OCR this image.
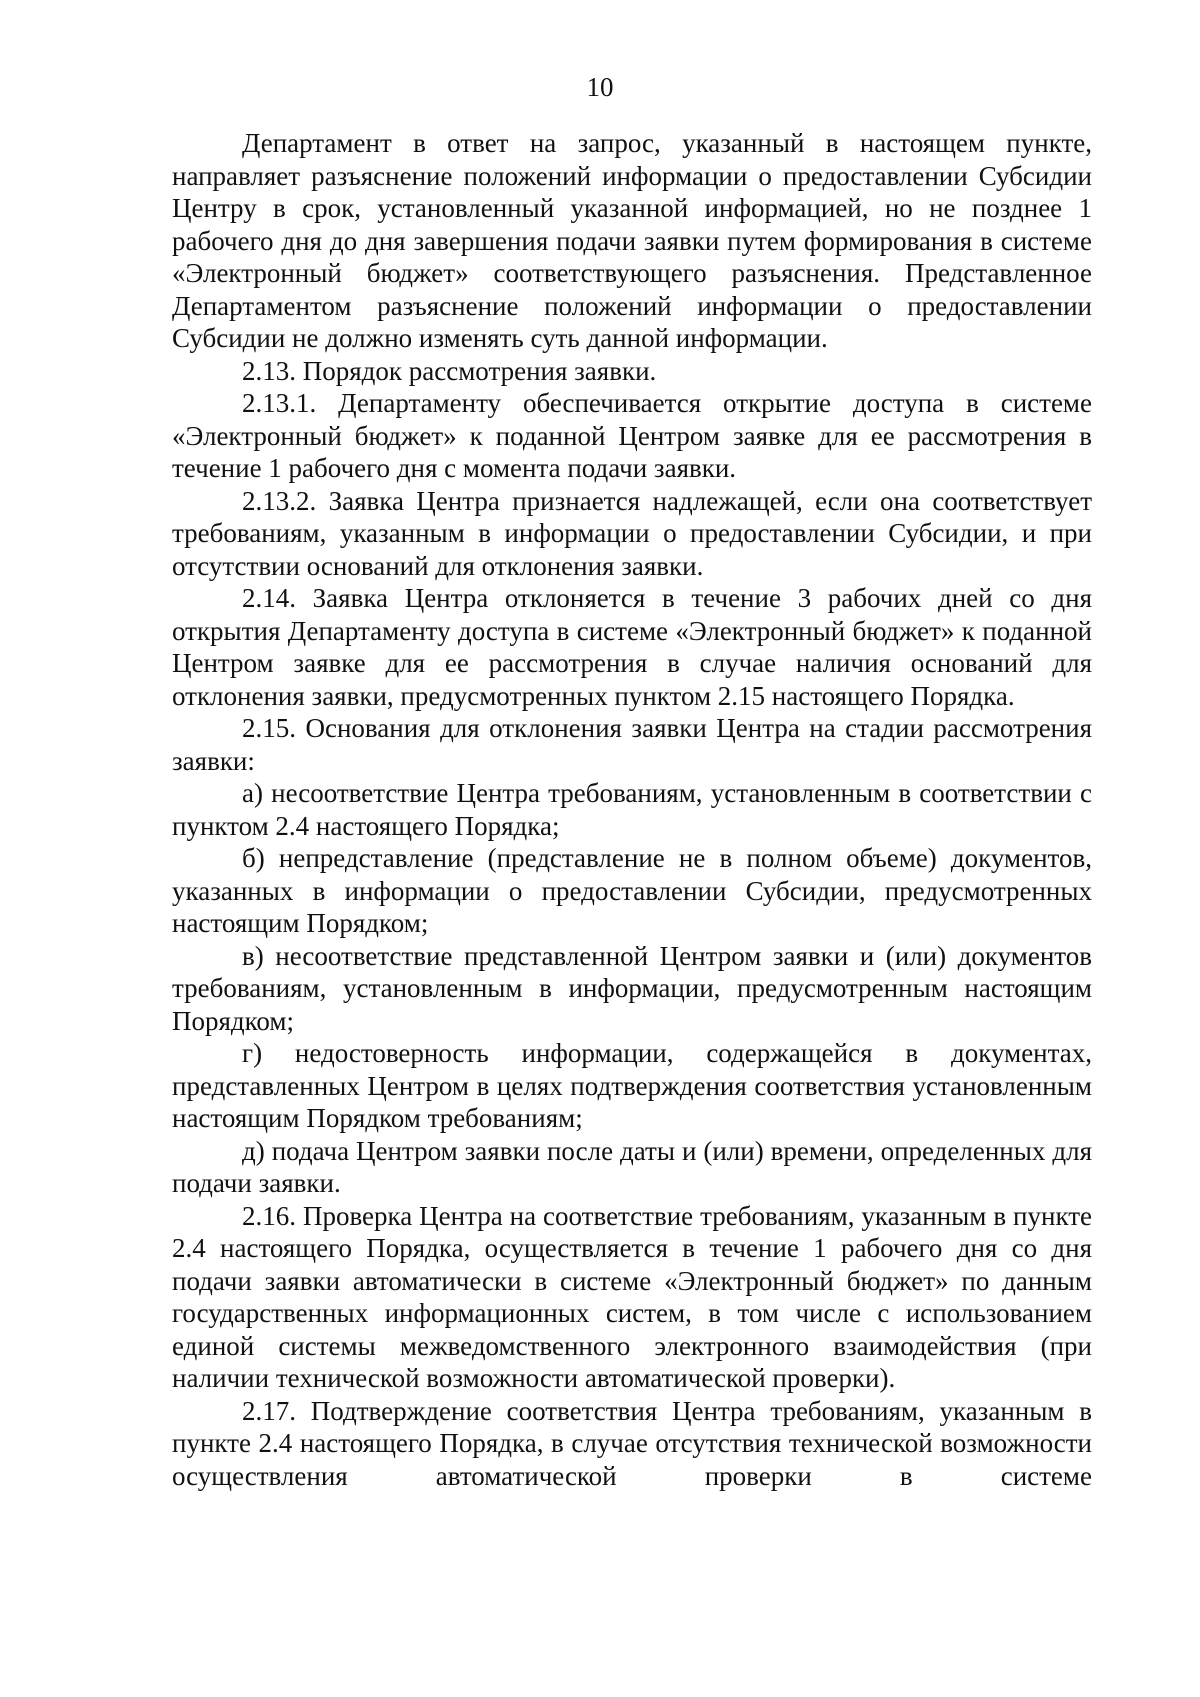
10

Департамент в ответ на запрос, указанный в настоящем пункте, направляет разъяснение положений информации о предоставлении Субсидии Центру в срок, установленный указанной информацией, но не позднее 1 рабочего дня до дня завершения подачи заявки путем формирования в системе «Электронный бюджет» соответствующего разъяснения. Представленное Департаментом разъяснение положений информации о предоставлении Субсидии не должно изменять суть данной информации.

2.13. Порядок рассмотрения заявки.

2.13.1. Департаменту обеспечивается открытие доступа в системе «Электронный бюджет» к поданной Центром заявке для ее рассмотрения в течение 1 рабочего дня с момента подачи заявки.

2.13.2. Заявка Центра признается надлежащей, если она соответствует требованиям, указанным в информации о предоставлении Субсидии, и при отсутствии оснований для отклонения заявки.

2.14. Заявка Центра отклоняется в течение 3 рабочих дней со дня открытия Департаменту доступа в системе «Электронный бюджет» к поданной Центром заявке для ее рассмотрения в случае наличия оснований для отклонения заявки, предусмотренных пунктом 2.15 настоящего Порядка.

2.15. Основания для отклонения заявки Центра на стадии рассмотрения заявки:

а) несоответствие Центра требованиям, установленным в соответствии с пунктом 2.4 настоящего Порядка;

б) непредставление (представление не в полном объеме) документов, указанных в информации о предоставлении Субсидии, предусмотренных настоящим Порядком;

в) несоответствие представленной Центром заявки и (или) документов требованиям, установленным в информации, предусмотренным настоящим Порядком;

г) недостоверность информации, содержащейся в документах, представленных Центром в целях подтверждения соответствия установленным настоящим Порядком требованиям;

д) подача Центром заявки после даты и (или) времени, определенных для подачи заявки.

2.16. Проверка Центра на соответствие требованиям, указанным в пункте 2.4 настоящего Порядка, осуществляется в течение 1 рабочего дня со дня подачи заявки автоматически в системе «Электронный бюджет» по данным государственных информационных систем, в том числе с использованием единой системы межведомственного электронного взаимодействия (при наличии технической возможности автоматической проверки).

2.17. Подтверждение соответствия Центра требованиям, указанным в пункте 2.4 настоящего Порядка, в случае отсутствия технической возможности осуществления автоматической проверки в системе
